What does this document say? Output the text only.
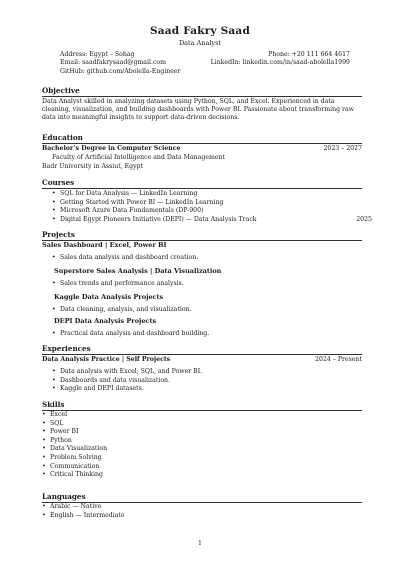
Saad Fakry Saad
Data Analyst
Address: Egypt – Sohag	Phone: +20 111 664 4617
Email: saadfakrysaad@gmail.com	LinkedIn: linkedin.com/in/saad-abolella1999
GitHub: github.com/Abolella-Engineer
Objective
Data Analyst skilled in analyzing datasets using Python, SQL, and Excel. Experienced in data cleaning, visualization, and building dashboards with Power BI. Passionate about transforming raw data into meaningful insights to support data-driven decisions.
Education
Bachelor’s Degree in Computer Science	2023 – 2027
Faculty of Artificial Intelligence and Data Management
Badr University in Assiut, Egypt
Courses
• SQL for Data Analysis — LinkedIn Learning
• Getting Started with Power BI — LinkedIn Learning
• Microsoft Azure Data Fundamentals (DP-900)
• Digital Egypt Pioneers Initiative (DEPI) — Data Analysis Track	2025
Projects
Sales Dashboard | Excel, Power BI
• Sales data analysis and dashboard creation.
Superstore Sales Analysis | Data Visualization
• Sales trends and performance analysis.
Kaggle Data Analysis Projects
• Data cleaning, analysis, and visualization.
DEPI Data Analysis Projects
• Practical data analysis and dashboard building.
Experiences
Data Analysis Practice | Self Projects	2024 – Present
• Data analysis with Excel, SQL, and Power BI.
• Dashboards and data visualization.
• Kaggle and DEPI datasets.
Skills
• Excel
• SQL
• Power BI
• Python
• Data Visualization
• Problem Solving
• Communication
• Critical Thinking
Languages
• Arabic — Native
• English — Intermediate
1
